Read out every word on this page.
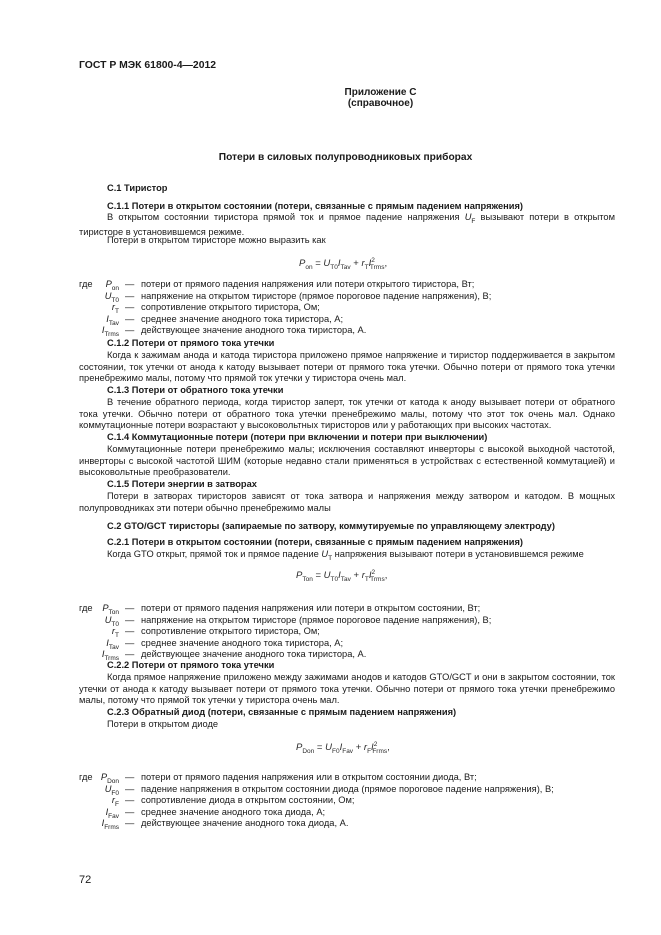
ГОСТ Р МЭК 61800-4—2012
Приложение С
(справочное)
Потери в силовых полупроводниковых приборах
С.1 Тиристор
С.1.1 Потери в открытом состоянии (потери, связанные с прямым падением напряжения)
В открытом состоянии тиристора прямой ток и прямое падение напряжения $U_F$ вызывают потери в открытом тиристоре в установившемся режиме.
Потери в открытом тиристоре можно выразить как
$P_{on} = U_{T0}I_{Tav} + r_TI^2_{Trms}$,
где	$P_{on}$ — потери от прямого падения напряжения или потери открытого тиристора, Вт;
$U_{T0}$ — напряжение на открытом тиристоре (прямое пороговое падение напряжения), В;
$r_T$ — сопротивление открытого тиристора, Ом;
$I_{Tav}$ — среднее значение анодного тока тиристора, А;
$I_{Trms}$ — действующее значение анодного тока тиристора, А.
С.1.2 Потери от прямого тока утечки
Когда к зажимам анода и катода тиристора приложено прямое напряжение и тиристор поддерживается в закрытом состоянии, ток утечки от анода к катоду вызывает потери от прямого тока утечки. Обычно потери от прямого тока утечки пренебрежимо малы, потому что прямой ток утечки у тиристора очень мал.
С.1.3 Потери от обратного тока утечки
В течение обратного периода, когда тиристор заперт, ток утечки от катода к аноду вызывает потери от обратного тока утечки. Обычно потери от обратного тока утечки пренебрежимо малы, потому что этот ток очень мал. Однако коммутационные потери возрастают у высоковольтных тиристоров или у работающих при высоких частотах.
С.1.4 Коммутационные потери (потери при включении и потери при выключении)
Коммутационные потери пренебрежимо малы; исключения составляют инверторы с высокой выходной частотой, инверторы с высокой частотой ШИМ (которые недавно стали применяться в устройствах с естественной коммутацией) и высоковольтные преобразователи.
С.1.5 Потери энергии в затворах
Потери в затворах тиристоров зависят от тока затвора и напряжения между затвором и катодом. В мощных полупроводниках эти потери обычно пренебрежимо малы
С.2 GTO/GCT тиристоры (запираемые по затвору, коммутируемые по управляющему электроду)
С.2.1 Потери в открытом состоянии (потери, связанные с прямым падением напряжения)
Когда GTO открыт, прямой ток и прямое падение $U_T$ напряжения вызывают потери в установившемся режиме
$P_{Ton} = U_{T0}I_{Tav} + r_TI^2_{Trms}$,
где	$P_{Ton}$ — потери от прямого падения напряжения или потери в открытом состоянии, Вт;
$U_{T0}$ — напряжение на открытом тиристоре (прямое пороговое падение напряжения), В;
$r_T$ — сопротивление открытого тиристора, Ом;
$I_{Tav}$ — среднее значение анодного тока тиристора, А;
$I_{Trms}$ — действующее значение анодного тока тиристора, А.
С.2.2 Потери от прямого тока утечки
Когда прямое напряжение приложено между зажимами анодов и катодов GTO/GCT и они в закрытом состоянии, ток утечки от анода к катоду вызывает потери от прямого тока утечки. Обычно потери от прямого тока утечки пренебрежимо малы, потому что прямой ток утечки у тиристора очень мал.
С.2.3 Обратный диод (потери, связанные с прямым падением напряжения)
Потери в открытом диоде
$P_{Don} = U_{F0}I_{Fav} + r_FI^2_{Frms}$,
где $P_{Don}$ — потери от прямого падения напряжения или в открытом состоянии диода, Вт;
$U_{F0}$ — падение напряжения в открытом состоянии диода (прямое пороговое падение напряжения), В;
$r_F$ — сопротивление диода в открытом состоянии, Ом;
$I_{Fav}$ — среднее значение анодного тока диода, А;
$I_{Frms}$ — действующее значение анодного тока диода, А.
72
